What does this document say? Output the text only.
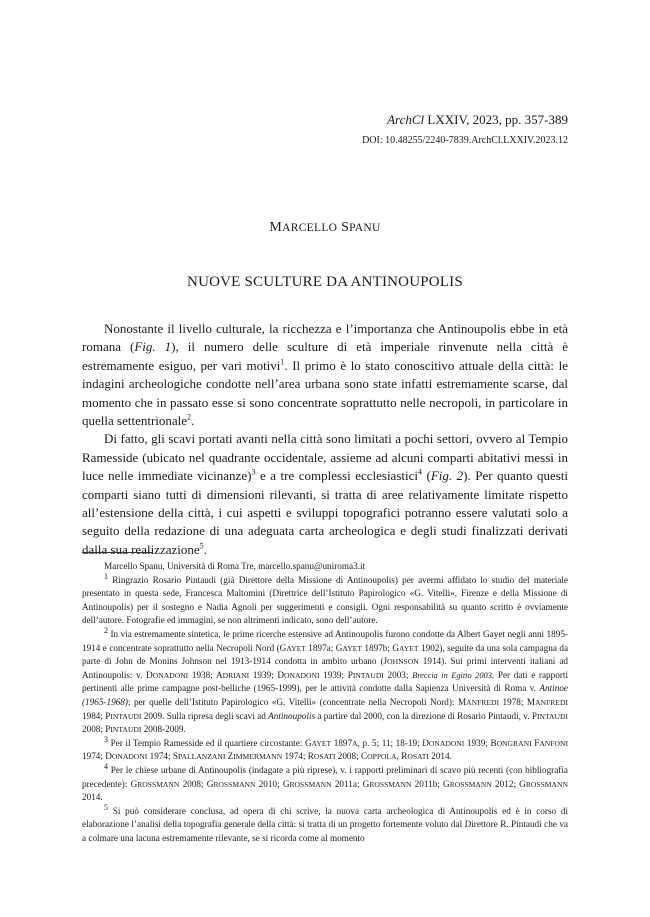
ArchCl LXXIV, 2023, pp. 357-389
DOI: 10.48255/2240-7839.ArchCl.LXXIV.2023.12
MARCELLO SPANU
NUOVE SCULTURE DA ANTINOUPOLIS

Nonostante il livello culturale, la ricchezza e l’importanza che Antinoupolis ebbe in età romana (Fig. 1), il numero delle sculture di età imperiale rinvenute nella città è estremamente esiguo, per vari motivi$^1$. Il primo è lo stato conoscitivo attuale della città: le indagini archeologiche condotte nell’area urbana sono state infatti estremamente scarse, dal momento che in passato esse si sono concentrate soprattutto nelle necropoli, in particolare in quella settentrionale$^2$.

Di fatto, gli scavi portati avanti nella città sono limitati a pochi settori, ovvero al Tempio Ramesside (ubicato nel quadrante occidentale, assieme ad alcuni comparti abitativi messi in luce nelle immediate vicinanze)$^3$ e a tre complessi ecclesiastici$^4$ (Fig. 2). Per quanto questi comparti siano tutti di dimensioni rilevanti, si tratta di aree relativamente limitate rispetto all’estensione della città, i cui aspetti e sviluppi topografici potranno essere valutati solo a seguito della redazione di una adeguata carta archeologica e degli studi finalizzati derivati dalla sua realizzazione$^5$.

Marcello Spanu, Università di Roma Tre, marcello.spanu@uniroma3.it

$^1$ Ringrazio Rosario Pintaudi (già Direttore della Missione di Antinoupolis) per avermi affidato lo studio del materiale presentato in questa sede, Francesca Maltomini (Direttrice dell’Istituto Papirologico «G. Vitelli», Firenze e della Missione di Antinoupolis) per il sostegno e Nadia Agnoli per suggerimenti e consigli. Ogni responsabilità su quanto scritto è ovviamente dell’autore. Fotografie ed immagini, se non altrimenti indicato, sono dell’autore.

$^2$ In via estremamente sintetica, le prime ricerche estensive ad Antinoupolis furono condotte da Albert Gayet negli anni 1895-1914 e concentrate soprattutto nella Necropoli Nord (GAYET 1897a; GAYET 1897b; GAYET 1902), seguite da una sola campagna da parte di John de Monins Johnson nel 1913-1914 condotta in ambito urbano (JOHNSON 1914). Sui primi interventi italiani ad Antinoupolis: v. DONADONI 1938; ADRIANI 1939; DONADONI 1939; PINTAUDI 2003; Breccia in Egitto 2003. Per dati e rapporti pertinenti alle prime campagne post-belliche (1965-1999), per le attività condotte dalla Sapienza Università di Roma v. Antinoe (1965-1968); per quelle dell’Istituto Papirologico «G. Vitelli» (concentrate nella Necropoli Nord): MANFREDI 1978; MANFREDI 1984; PINTAUDI 2009. Sulla ripresa degli scavi ad Antinoupolis a partire dal 2000, con la direzione di Rosario Pintaudi, v. PINTAUDI 2008; PINTAUDI 2008-2009.

$^3$ Per il Tempio Ramesside ed il quartiere circostante: GAYET 1897A, p. 5; 11; 18-19; DONADONI 1939; BONGRANI FANFONI 1974; DONADONI 1974; SPALLANZANI ZIMMERMANN 1974; ROSATI 2008; COPPOLA, ROSATI 2014.

$^4$ Per le chiese urbane di Antinoupolis (indagate a più riprese), v. i rapporti preliminari di scavo più recenti (con bibliografia precedente): GROSSMANN 2008; GROSSMANN 2010; GROSSMANN 2011a; GROSSMANN 2011b; GROSSMANN 2012; GROSSMANN 2014.

$^5$ Si può considerare conclusa, ad opera di chi scrive, la nuova carta archeologica di Antinoupolis ed è in corso di elaborazione l’analisi della topografia generale della città: si tratta di un progetto fortemente voluto dal Direttore R. Pintaudi che va a colmare una lacuna estremamente rilevante, se si ricorda come al momento
